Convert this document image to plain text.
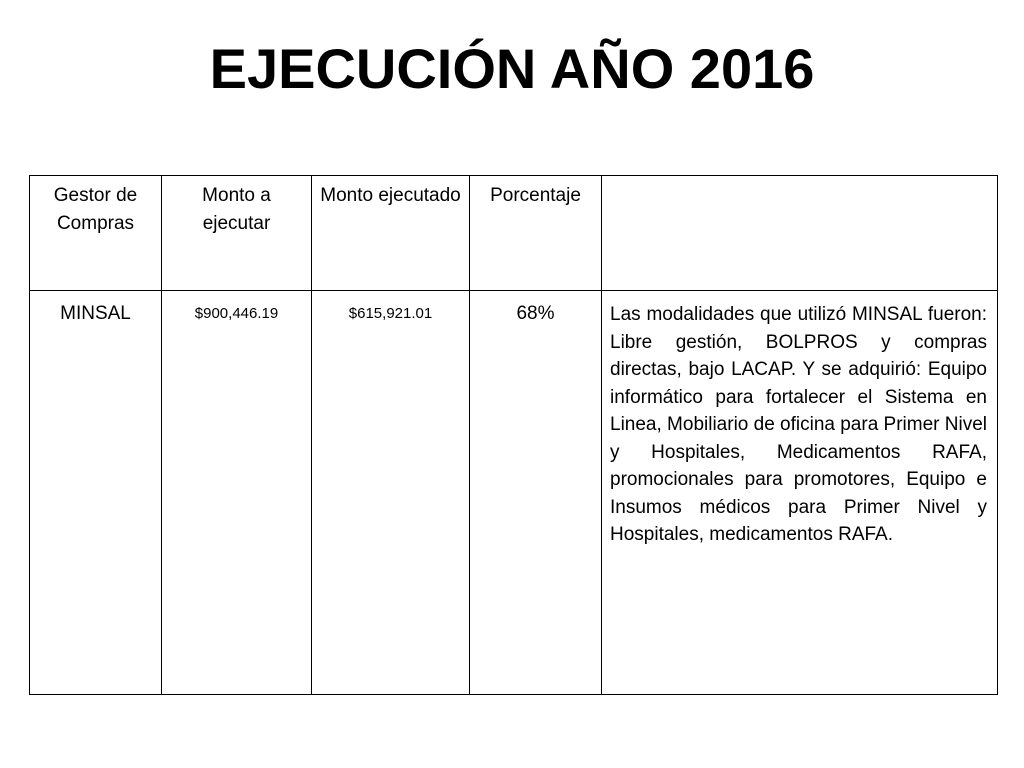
EJECUCIÓN AÑO 2016
Gestor de Compras	Monto a ejecutar	Monto ejecutado	Porcentaje	
MINSAL	$900,446.19	$615,921.01	68%	Las modalidades que utilizó MINSAL fueron: Libre gestión, BOLPROS y compras directas, bajo LACAP. Y se adquirió: Equipo informático para fortalecer el Sistema en Linea, Mobiliario de oficina para Primer Nivel y Hospitales, Medicamentos RAFA, promocionales para promotores, Equipo e Insumos médicos para Primer Nivel y Hospitales, medicamentos RAFA.
